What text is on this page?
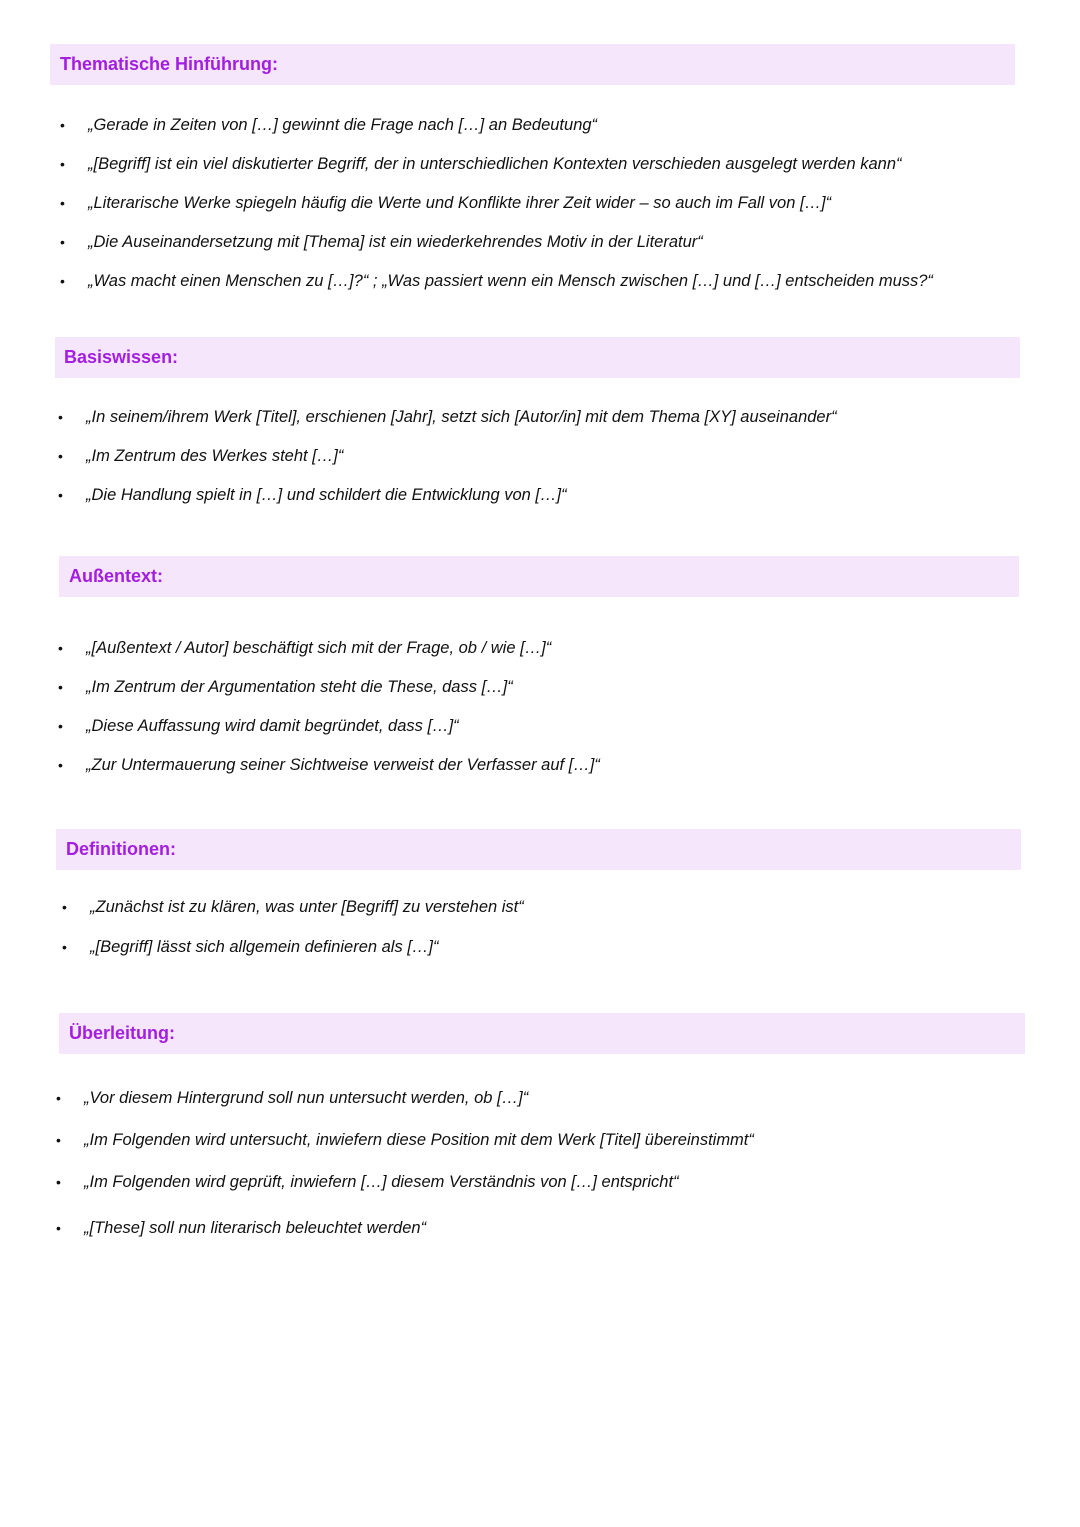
Thematische Hinführung:
• „Gerade in Zeiten von […] gewinnt die Frage nach […] an Bedeutung“
• „[Begriff] ist ein viel diskutierter Begriff, der in unterschiedlichen Kontexten verschieden ausgelegt werden kann“
• „Literarische Werke spiegeln häufig die Werte und Konflikte ihrer Zeit wider – so auch im Fall von […]“
• „Die Auseinandersetzung mit [Thema] ist ein wiederkehrendes Motiv in der Literatur“
• „Was macht einen Menschen zu […]?“ ; „Was passiert wenn ein Mensch zwischen […] und […] entscheiden muss?“
Basiswissen:
• „In seinem/ihrem Werk [Titel], erschienen [Jahr], setzt sich [Autor/in] mit dem Thema [XY] auseinander“
• „Im Zentrum des Werkes steht […]“
• „Die Handlung spielt in […] und schildert die Entwicklung von […]“
Außentext:
• „[Außentext / Autor] beschäftigt sich mit der Frage, ob / wie […]“
• „Im Zentrum der Argumentation steht die These, dass […]“
• „Diese Auffassung wird damit begründet, dass […]“
• „Zur Untermauerung seiner Sichtweise verweist der Verfasser auf […]“
Definitionen:
• „Zunächst ist zu klären, was unter [Begriff] zu verstehen ist“
• „[Begriff] lässt sich allgemein definieren als […]“
Überleitung:
• „Vor diesem Hintergrund soll nun untersucht werden, ob […]“
• „Im Folgenden wird untersucht, inwiefern diese Position mit dem Werk [Titel] übereinstimmt“
• „Im Folgenden wird geprüft, inwiefern […] diesem Verständnis von […] entspricht“
• „[These] soll nun literarisch beleuchtet werden“
